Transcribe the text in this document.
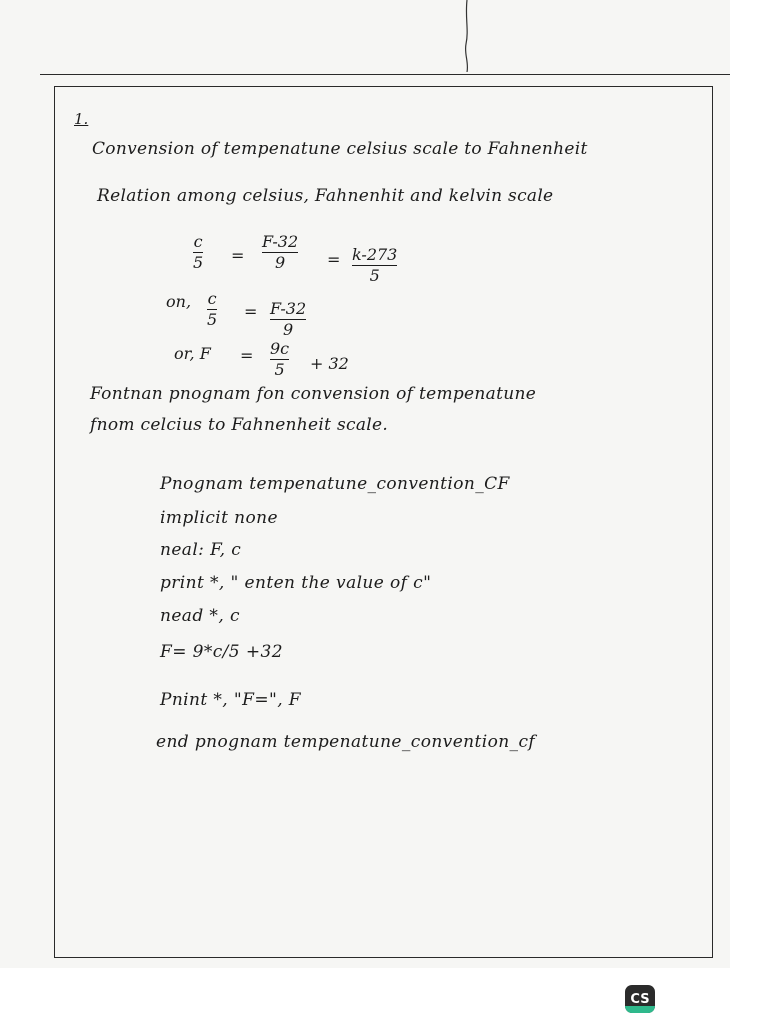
1.
Convension of tempenatune celsius scale to Fahnenheit
Relation among celsius, Fahnenhit and kelvin scale
c
5 =
F-32
9	= k-273
5
on, c
5 = F-32
9
or, F = 9c
5 + 32
Fontnan pnognam fon convension of tempenatune
fnom celcius to Fahnenheit scale.
Pnognam tempenatune_convention_CF
implicit none
neal: F, c
print *, " enten the value of c"
nead *, c
F= 9*c/5 +32
Pnint *, "F=", F
end pnognam tempenatune_convention_cf
CS
